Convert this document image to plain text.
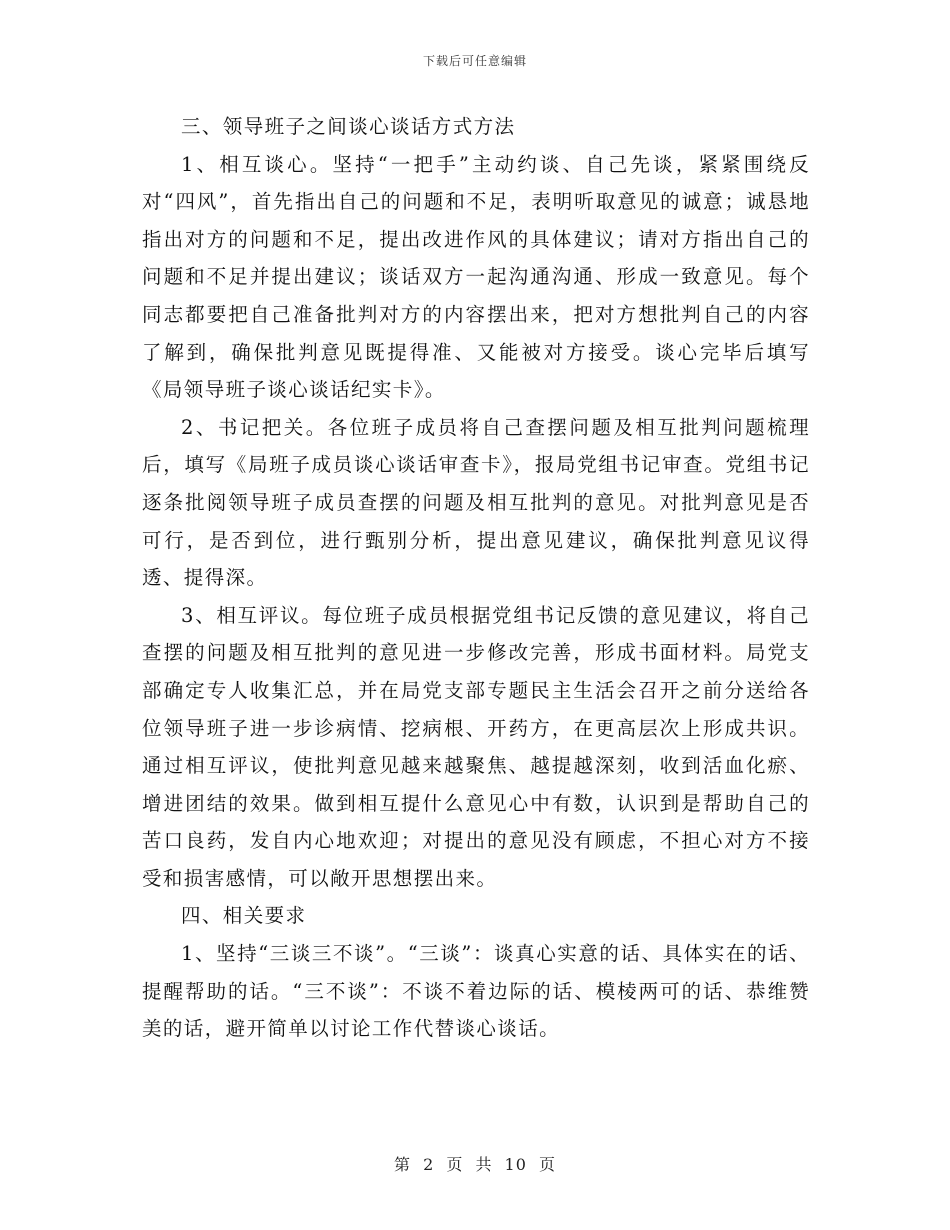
下载后可任意编辑

三、领导班子之间谈心谈话方式方法

1、相互谈心。坚持“一把手”主动约谈、自己先谈，紧紧围绕反对“四风”，首先指出自己的问题和不足，表明听取意见的诚意；诚恳地指出对方的问题和不足，提出改进作风的具体建议；请对方指出自己的问题和不足并提出建议；谈话双方一起沟通沟通、形成一致意见。每个同志都要把自己准备批判对方的内容摆出来，把对方想批判自己的内容了解到，确保批判意见既提得准、又能被对方接受。谈心完毕后填写《局领导班子谈心谈话纪实卡》。

2、书记把关。各位班子成员将自己查摆问题及相互批判问题梳理后，填写《局班子成员谈心谈话审查卡》，报局党组书记审查。党组书记逐条批阅领导班子成员查摆的问题及相互批判的意见。对批判意见是否可行，是否到位，进行甄别分析，提出意见建议，确保批判意见议得透、提得深。

3、相互评议。每位班子成员根据党组书记反馈的意见建议，将自己查摆的问题及相互批判的意见进一步修改完善，形成书面材料。局党支部确定专人收集汇总，并在局党支部专题民主生活会召开之前分送给各位领导班子进一步诊病情、挖病根、开药方，在更高层次上形成共识。通过相互评议，使批判意见越来越聚焦、越提越深刻，收到活血化瘀、增进团结的效果。做到相互提什么意见心中有数，认识到是帮助自己的苦口良药，发自内心地欢迎；对提出的意见没有顾虑，不担心对方不接受和损害感情，可以敞开思想摆出来。

四、相关要求

1、坚持“三谈三不谈”。“三谈”：谈真心实意的话、具体实在的话、提醒帮助的话。“三不谈”：不谈不着边际的话、模棱两可的话、恭维赞美的话，避开简单以讨论工作代替谈心谈话。

第 2 页 共 10 页
